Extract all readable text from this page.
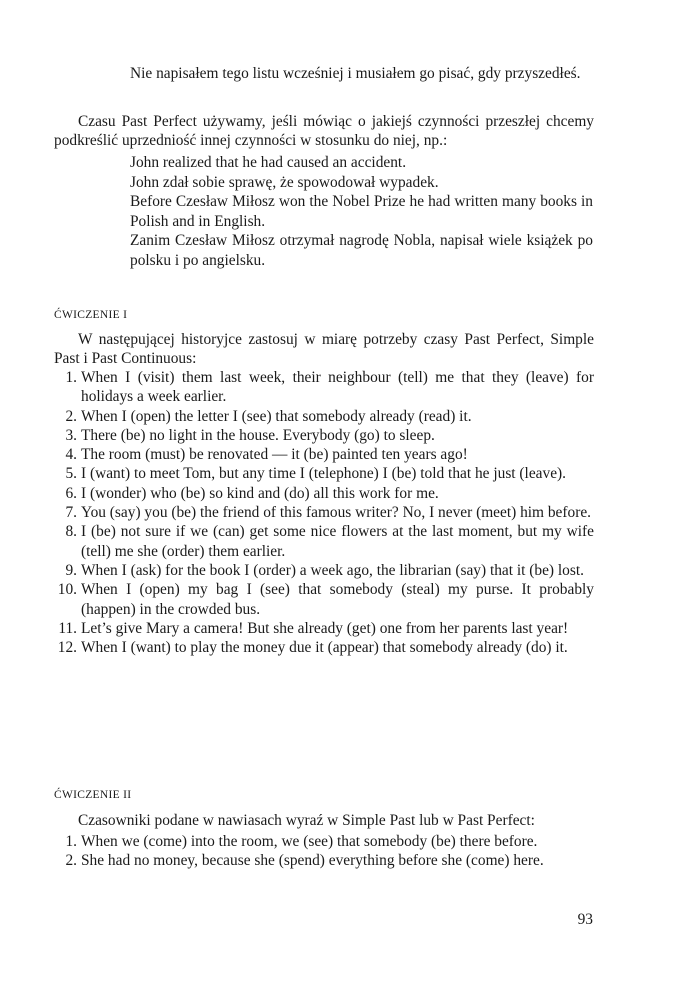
Nie napisałem tego listu wcześniej i musiałem go pisać, gdy przyszedłeś.
Czasu Past Perfect używamy, jeśli mówiąc o jakiejś czynności przeszłej chcemy podkreślić uprzedniość innej czynności w stosunku do niej, np.:
John realized that he had caused an accident.
John zdał sobie sprawę, że spowodował wypadek.
Before Czesław Miłosz won the Nobel Prize he had written many books in Polish and in English.
Zanim Czesław Miłosz otrzymał nagrodę Nobla, napisał wiele książek po polsku i po angielsku.
ĆWICZENIE I
W następującej historyjce zastosuj w miarę potrzeby czasy Past Perfect, Simple Past i Past Continuous:
1. When I (visit) them last week, their neighbour (tell) me that they (leave) for holidays a week earlier.
2. When I (open) the letter I (see) that somebody already (read) it.
3. There (be) no light in the house. Everybody (go) to sleep.
4. The room (must) be renovated — it (be) painted ten years ago!
5. I (want) to meet Tom, but any time I (telephone) I (be) told that he just (leave).
6. I (wonder) who (be) so kind and (do) all this work for me.
7. You (say) you (be) the friend of this famous writer? No, I never (meet) him before.
8. I (be) not sure if we (can) get some nice flowers at the last moment, but my wife (tell) me she (order) them earlier.
9. When I (ask) for the book I (order) a week ago, the librarian (say) that it (be) lost.
10. When I (open) my bag I (see) that somebody (steal) my purse. It probably (happen) in the crowded bus.
11. Let’s give Mary a camera! But she already (get) one from her parents last year!
12. When I (want) to play the money due it (appear) that somebody already (do) it.
ĆWICZENIE II
Czasowniki podane w nawiasach wyraź w Simple Past lub w Past Perfect:
1. When we (come) into the room, we (see) that somebody (be) there before.
2. She had no money, because she (spend) everything before she (come) here.
93
